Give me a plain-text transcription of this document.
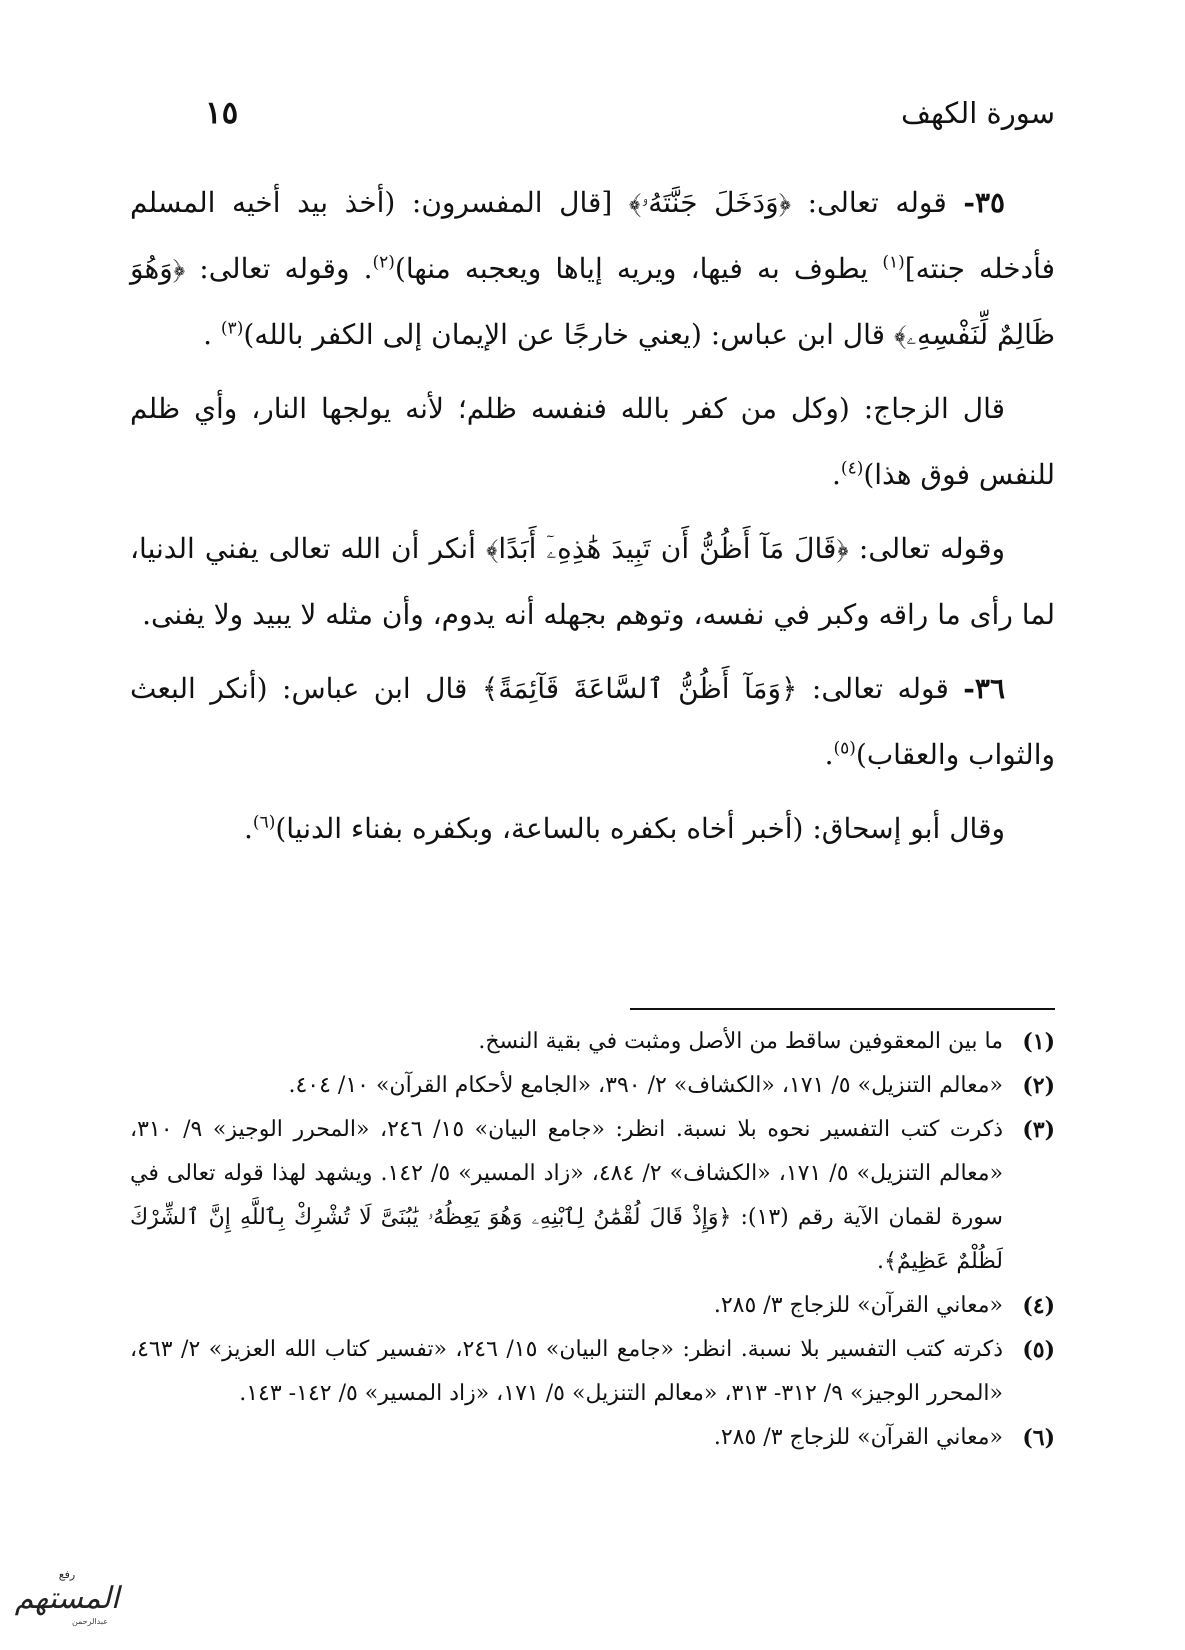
سورة الكهف
١٥

٣٥- قوله تعالى: ﴿وَدَخَلَ جَنَّتَهُۥ﴾ [قال المفسرون: (أخذ بيد أخيه المسلم فأدخله جنته]$^{(١)}$ يطوف به فيها، ويريه إياها ويعجبه منها)$^{(٢)}$. وقوله تعالى: ﴿وَهُوَ ظَالِمٌ لِّنَفْسِهِۦ﴾ قال ابن عباس: (يعني خارجًا عن الإيمان إلى الكفر بالله)$^{(٣)}$ .

قال الزجاج: (وكل من كفر بالله فنفسه ظلم؛ لأنه يولجها النار، وأي ظلم للنفس فوق هذا)$^{(٤)}$.

وقوله تعالى: ﴿قَالَ مَآ أَظُنُّ أَن تَبِيدَ هَٰذِهِۦٓ أَبَدًا﴾ أنكر أن الله تعالى يفني الدنيا، لما رأى ما راقه وكبر في نفسه، وتوهم بجهله أنه يدوم، وأن مثله لا يبيد ولا يفنى.

٣٦- قوله تعالى: ﴿وَمَآ أَظُنُّ ٱلسَّاعَةَ قَآئِمَةً﴾ قال ابن عباس: (أنكر البعث والثواب والعقاب)$^{(٥)}$.

وقال أبو إسحاق: (أخبر أخاه بكفره بالساعة، وبكفره بفناء الدنيا)$^{(٦)}$.

(١)
ما بين المعقوفين ساقط من الأصل ومثبت في بقية النسخ.
(٢)
«معالم التنزيل» ٥/ ١٧١، «الكشاف» ٢/ ٣٩٠، «الجامع لأحكام القرآن» ١٠/ ٤٠٤.
(٣)
ذكرت كتب التفسير نحوه بلا نسبة. انظر: «جامع البيان» ١٥/ ٢٤٦، «المحرر الوجيز» ٩/ ٣١٠، «معالم التنزيل» ٥/ ١٧١، «الكشاف» ٢/ ٤٨٤، «زاد المسير» ٥/ ١٤٢. ويشهد لهذا قوله تعالى في سورة لقمان الآية رقم (١٣): ﴿وَإِذْ قَالَ لُقْمَٰنُ لِٱبْنِهِۦ وَهُوَ يَعِظُهُۥ يَٰبُنَىَّ لَا تُشْرِكْ بِٱللَّهِ إِنَّ ٱلشِّرْكَ لَظُلْمٌ عَظِيمٌ﴾.
(٤)
«معاني القرآن» للزجاج ٣/ ٢٨٥.
(٥)
ذكرته كتب التفسير بلا نسبة. انظر: «جامع البيان» ١٥/ ٢٤٦، «تفسير كتاب الله العزيز» ٢/ ٤٦٣، «المحرر الوجيز» ٩/ ٣١٢- ٣١٣، «معالم التنزيل» ٥/ ١٧١، «زاد المسير» ٥/ ١٤٢- ١٤٣.
(٦)
«معاني القرآن» للزجاج ٣/ ٢٨٥.
رفع
المستهم
عبدالرحمن
